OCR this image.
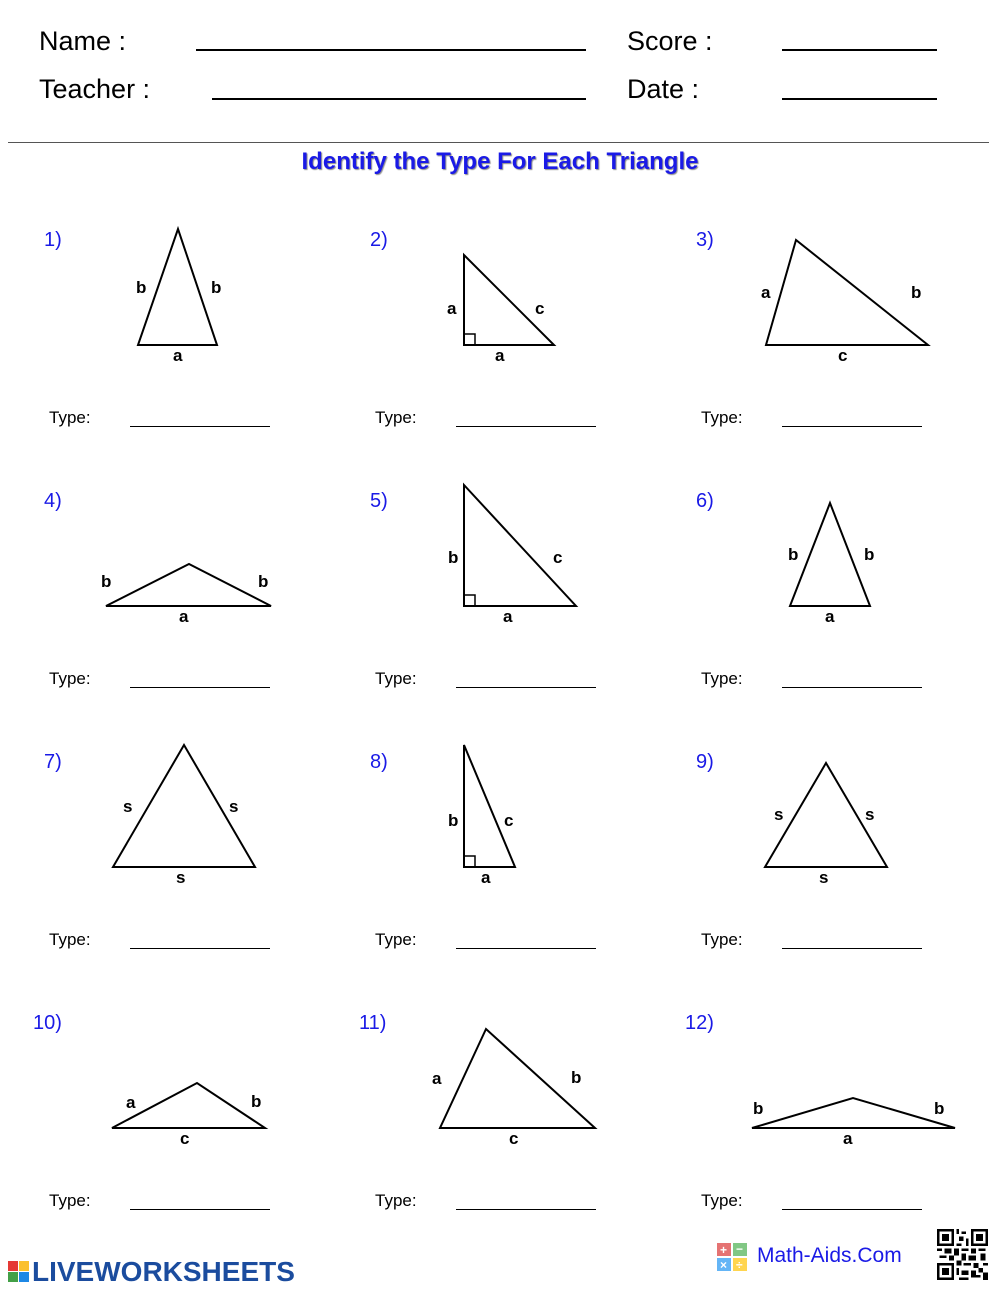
Name :
Teacher :
Score :
Date :
Identify the Type For Each Triangle
1)	2)	3)
4)	5)	6)
7)	8)	9)
10)	11)	12)
Type:	Type:	Type:
Type:	Type:	Type:
Type:	Type:	Type:
Type:	Type:	Type:
b	b
a
a	c
a
a	b
c
b	b
a
b	c
a
b	b
a
s	s
s
b	c
a
s	s
s
a	b
c
a	b
c
b	b
a
LIVEWORKSHEETS
+ −
× ÷ Math-Aids.Com
